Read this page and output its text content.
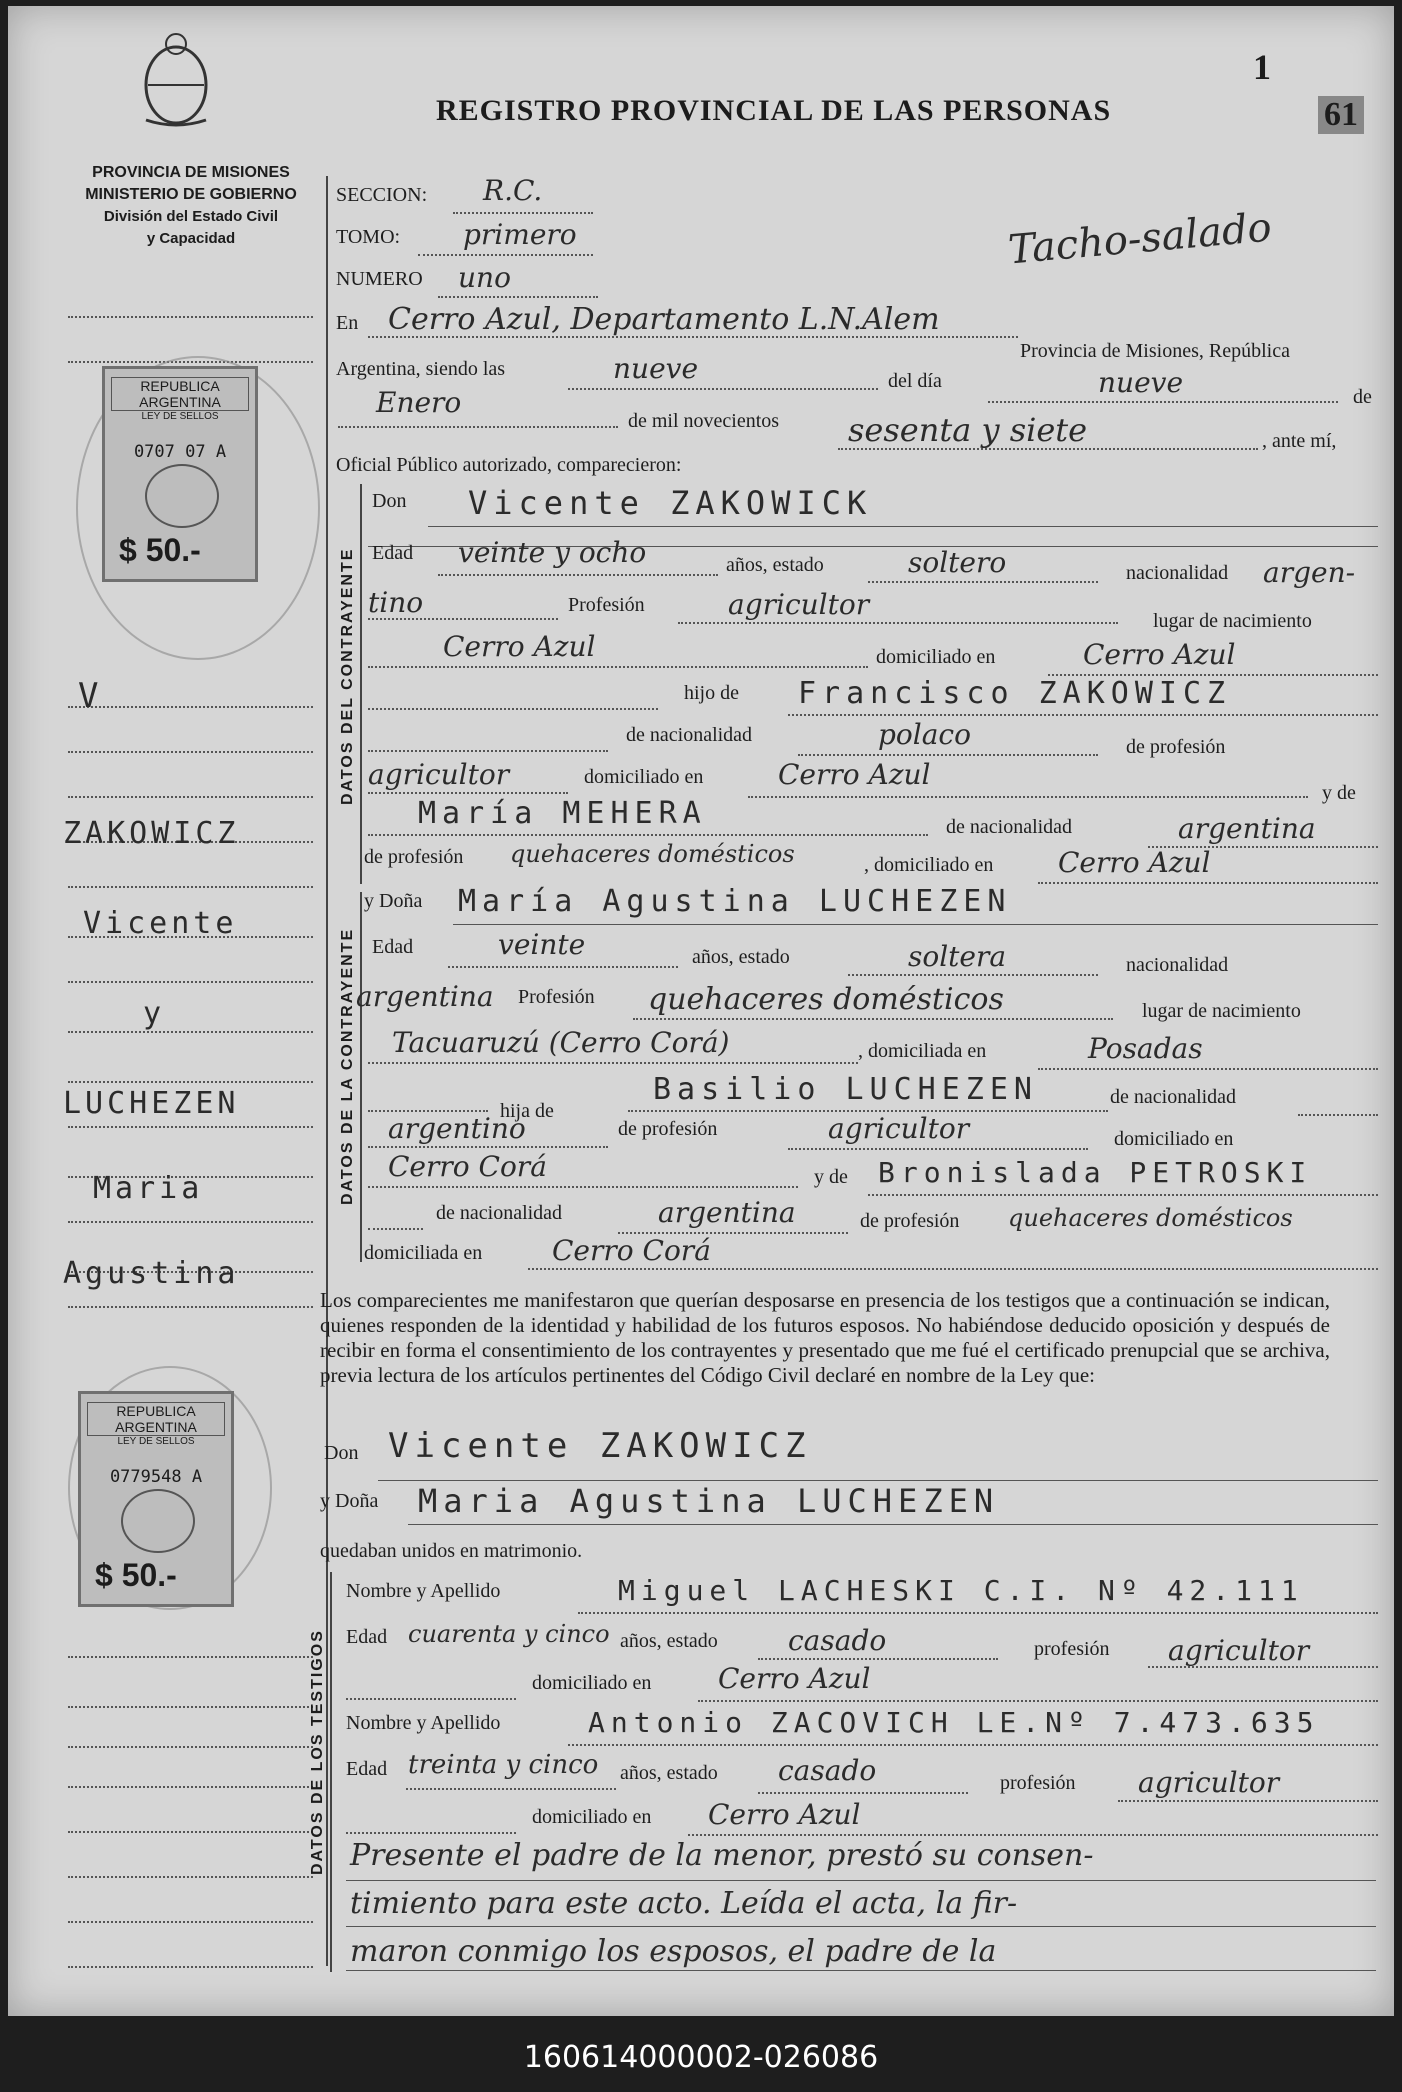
REGISTRO PROVINCIAL DE LAS PERSONAS
1
61
Tacho-salado
PROVINCIA DE MISIONES
MINISTERIO DE GOBIERNO
División del Estado Civil
y Capacidad
REPUBLICA ARGENTINA
LEY DE SELLOS
0707 07 A
$ 50.-
REPUBLICA ARGENTINA
LEY DE SELLOS
0779548 A
$ 50.-
V
ZAKOWICZ
Vicente
y
LUCHEZEN
Maria
Agustina
SECCION: R.C.
TOMO: primero
NUMERO uno
En Cerro Azul, Departamento L.N.Alem
Provincia de Misiones, República
Argentina, siendo las	nueve	del día	nueve	de
Enero
de mil novecientos sesenta y siete	, ante mí,
Oficial Público autorizado, comparecieron:
DATOS DEL CONTRAYENTE
Don Vicente ZAKOWICK
Edad veinte y ocho	años, estado	soltero	nacionalidad argen-
tino	Profesión	agricultor	lugar de nacimiento
Cerro Azul	domiciliado en	Cerro Azul
hijo de Francisco ZAKOWICZ
de nacionalidad	polaco	de profesión
agricultor	domiciliado en	Cerro Azul
y de
María MEHERA	de nacionalidad	argentina
de profesión quehaceres domésticos	, domiciliado en Cerro Azul
DATOS DE LA CONTRAYENTE
y Doña María Agustina LUCHEZEN
Edad	veinte	años, estado	soltera	nacionalidad
argentina Profesión quehaceres domésticos	lugar de nacimiento
Tacuaruzú (Cerro Corá)	, domiciliada en	Posadas
hija de
Basilio LUCHEZEN	de nacionalidad
argentino	de profesión	agricultor	domiciliado en
Cerro Corá	y de Bronislada PETROSKI
de nacionalidad	argentina	de profesión quehaceres domésticos
domiciliada en Cerro Corá
Los comparecientes me manifestaron que querían desposarse en presencia de los testigos que a continuación se indican, quienes responden de la identidad y habilidad de los futuros esposos. No habiéndose deducido oposición y después de recibir en forma el consentimiento de los contrayentes y presentado que me fué el certificado prenupcial que se archiva, previa lectura de los artículos pertinentes del Código Civil declaré en nombre de la Ley que:
Don Vicente ZAKOWICZ
y Doña Maria Agustina LUCHEZEN
quedaban unidos en matrimonio.
DATOS DE LOS TESTIGOS
Nombre y Apellido	Miguel LACHESKI C.I. Nº 42.111
Edad cuarenta y cinco años, estado	casado	profesión agricultor
domiciliado en Cerro Azul
Nombre y Apellido	Antonio ZACOVICH LE.Nº 7.473.635
Edad treinta y cinco años, estado casado	profesión agricultor
domiciliado en Cerro Azul
Presente el padre de la menor, prestó su consen-
timiento para este acto. Leída el acta, la fir-
maron conmigo los esposos, el padre de la
160614000002-026086
